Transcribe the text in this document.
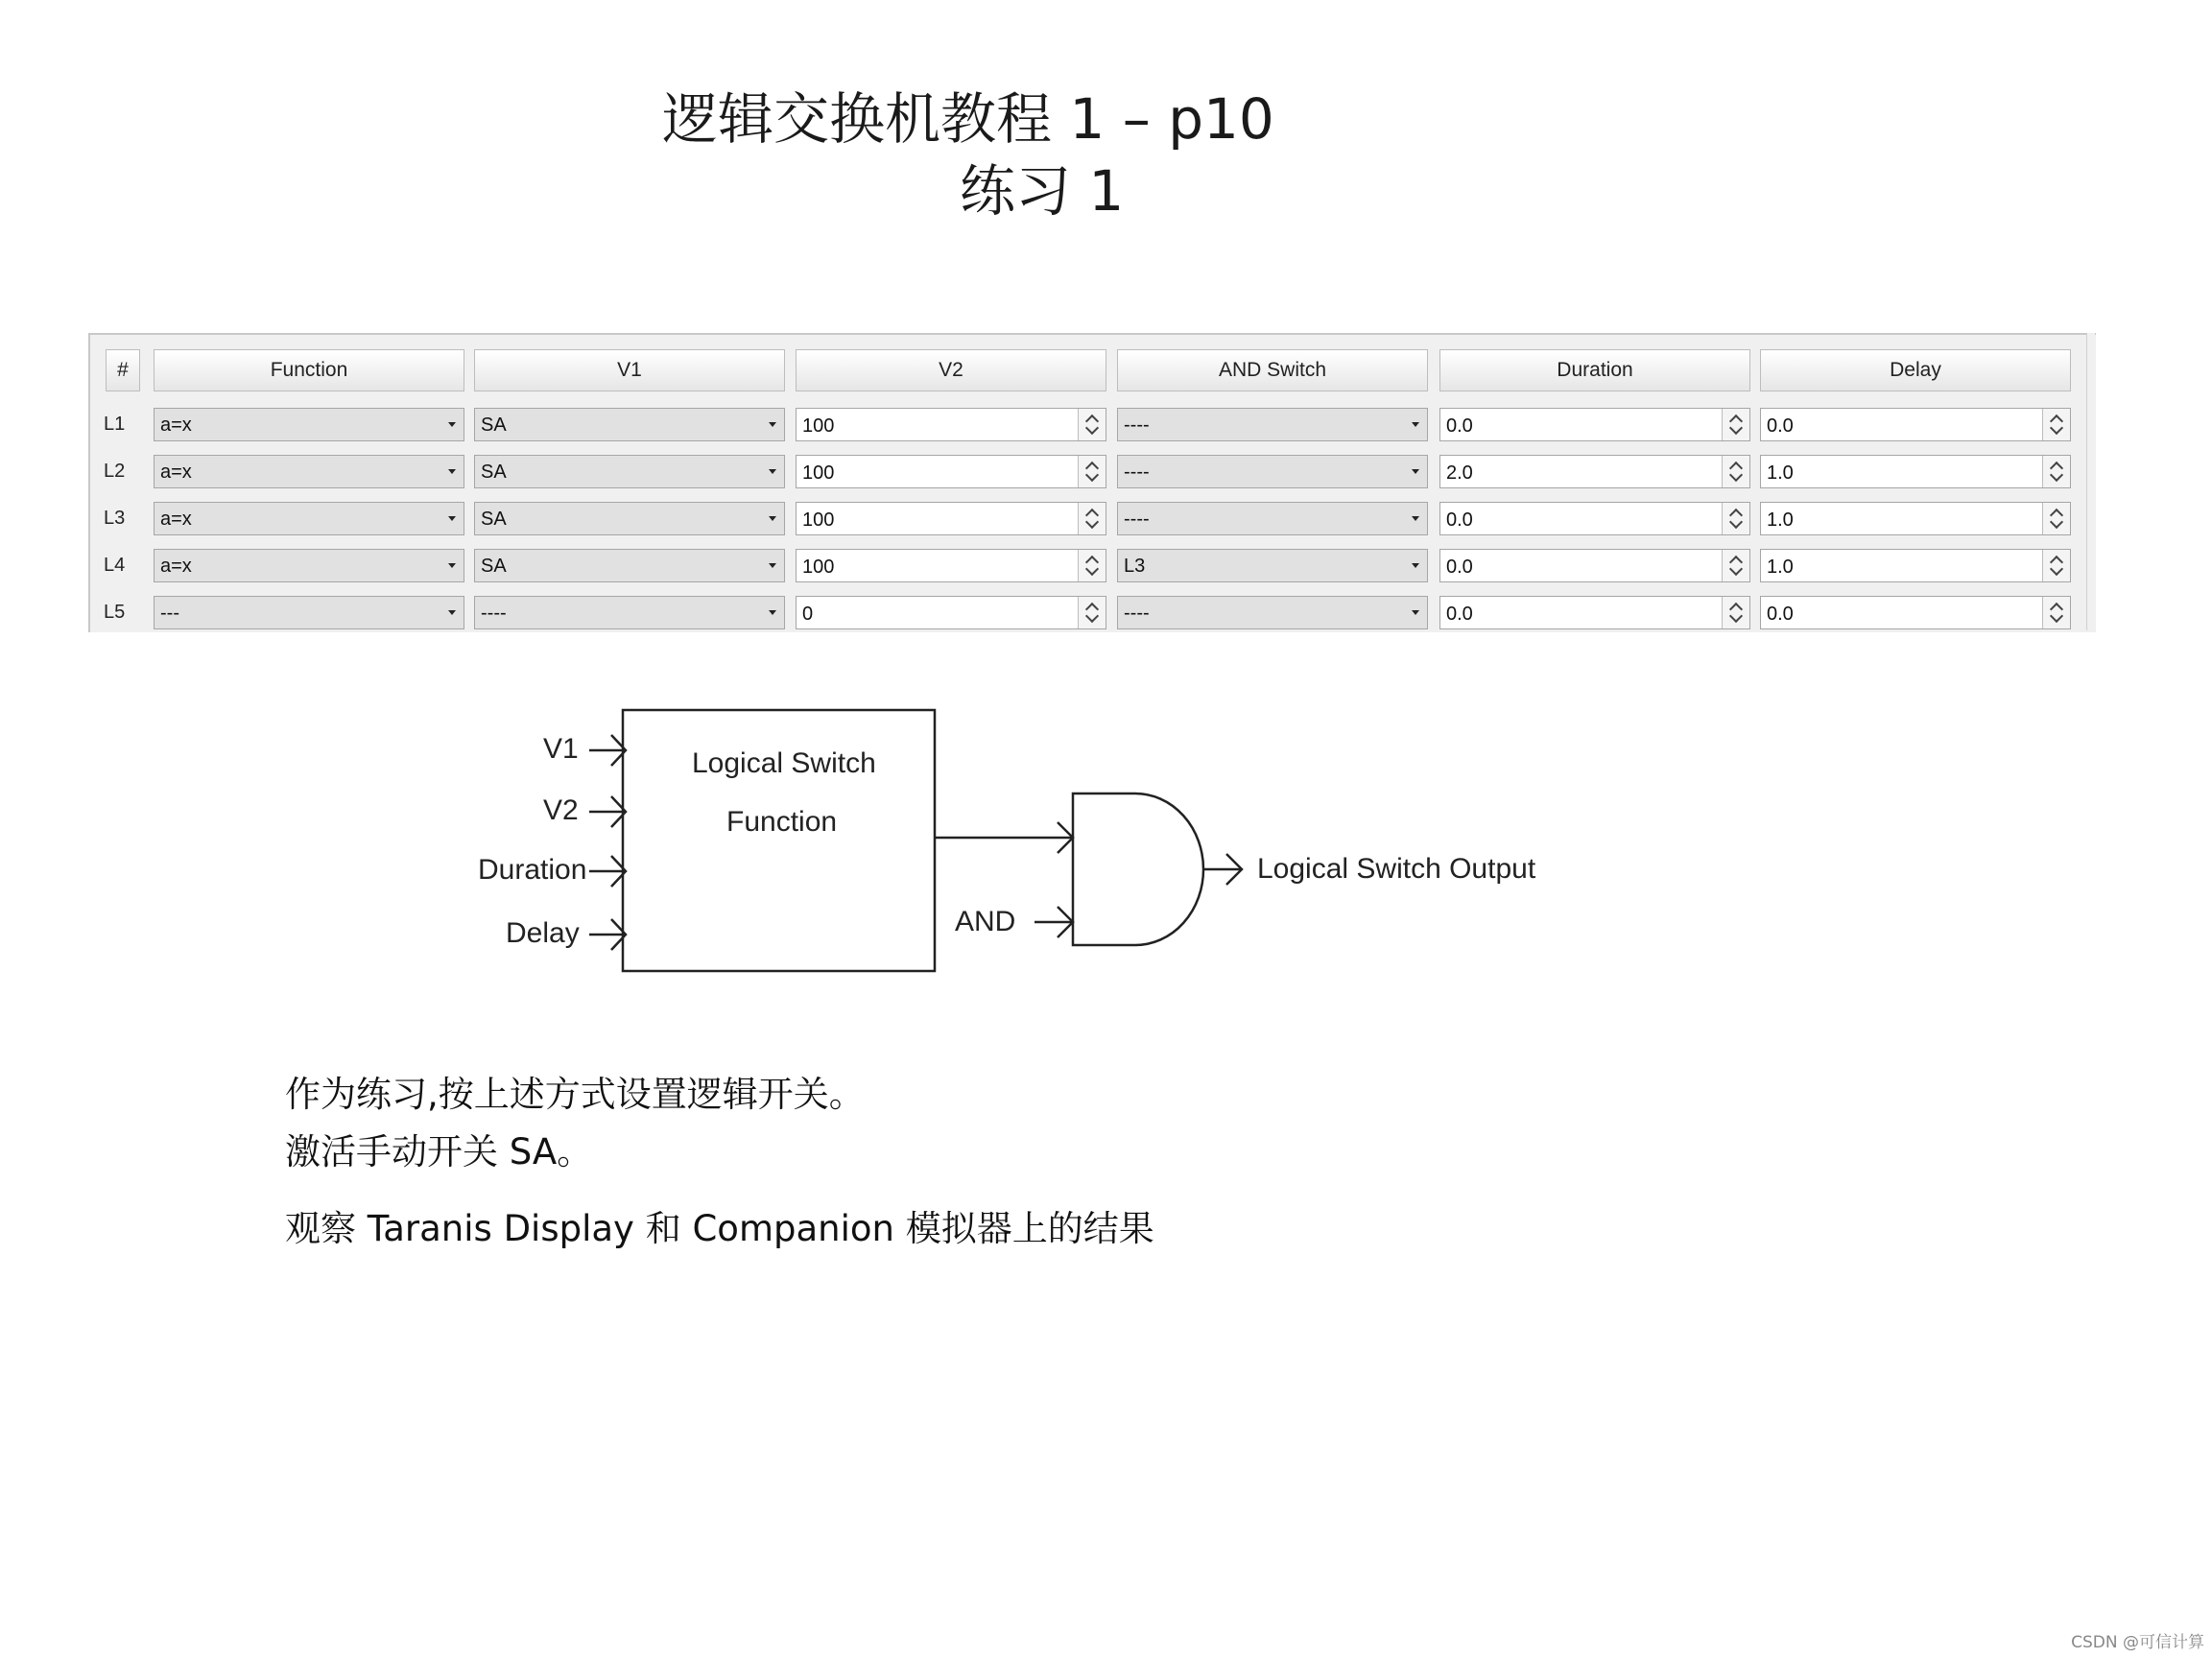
逻辑交换机教程 1 – p10
练习 1
#	Function	V1	V2	AND Switch	Duration	Delay
L1	a=x	SA	100	----	0.0	0.0
L2	a=x	SA	100	----	2.0	1.0
L3	a=x	SA	100	----	0.0	1.0
L4	a=x	SA	100	L3	0.0	1.0
L5	---	----	0	----	0.0	0.0
V1
V2
Duration
Delay
Logical Switch
Function
AND
Logical Switch Output
作为练习,按上述方式设置逻辑开关。
激活手动开关 SA。
观察 Taranis Display 和 Companion 模拟器上的结果
CSDN @可信计算
